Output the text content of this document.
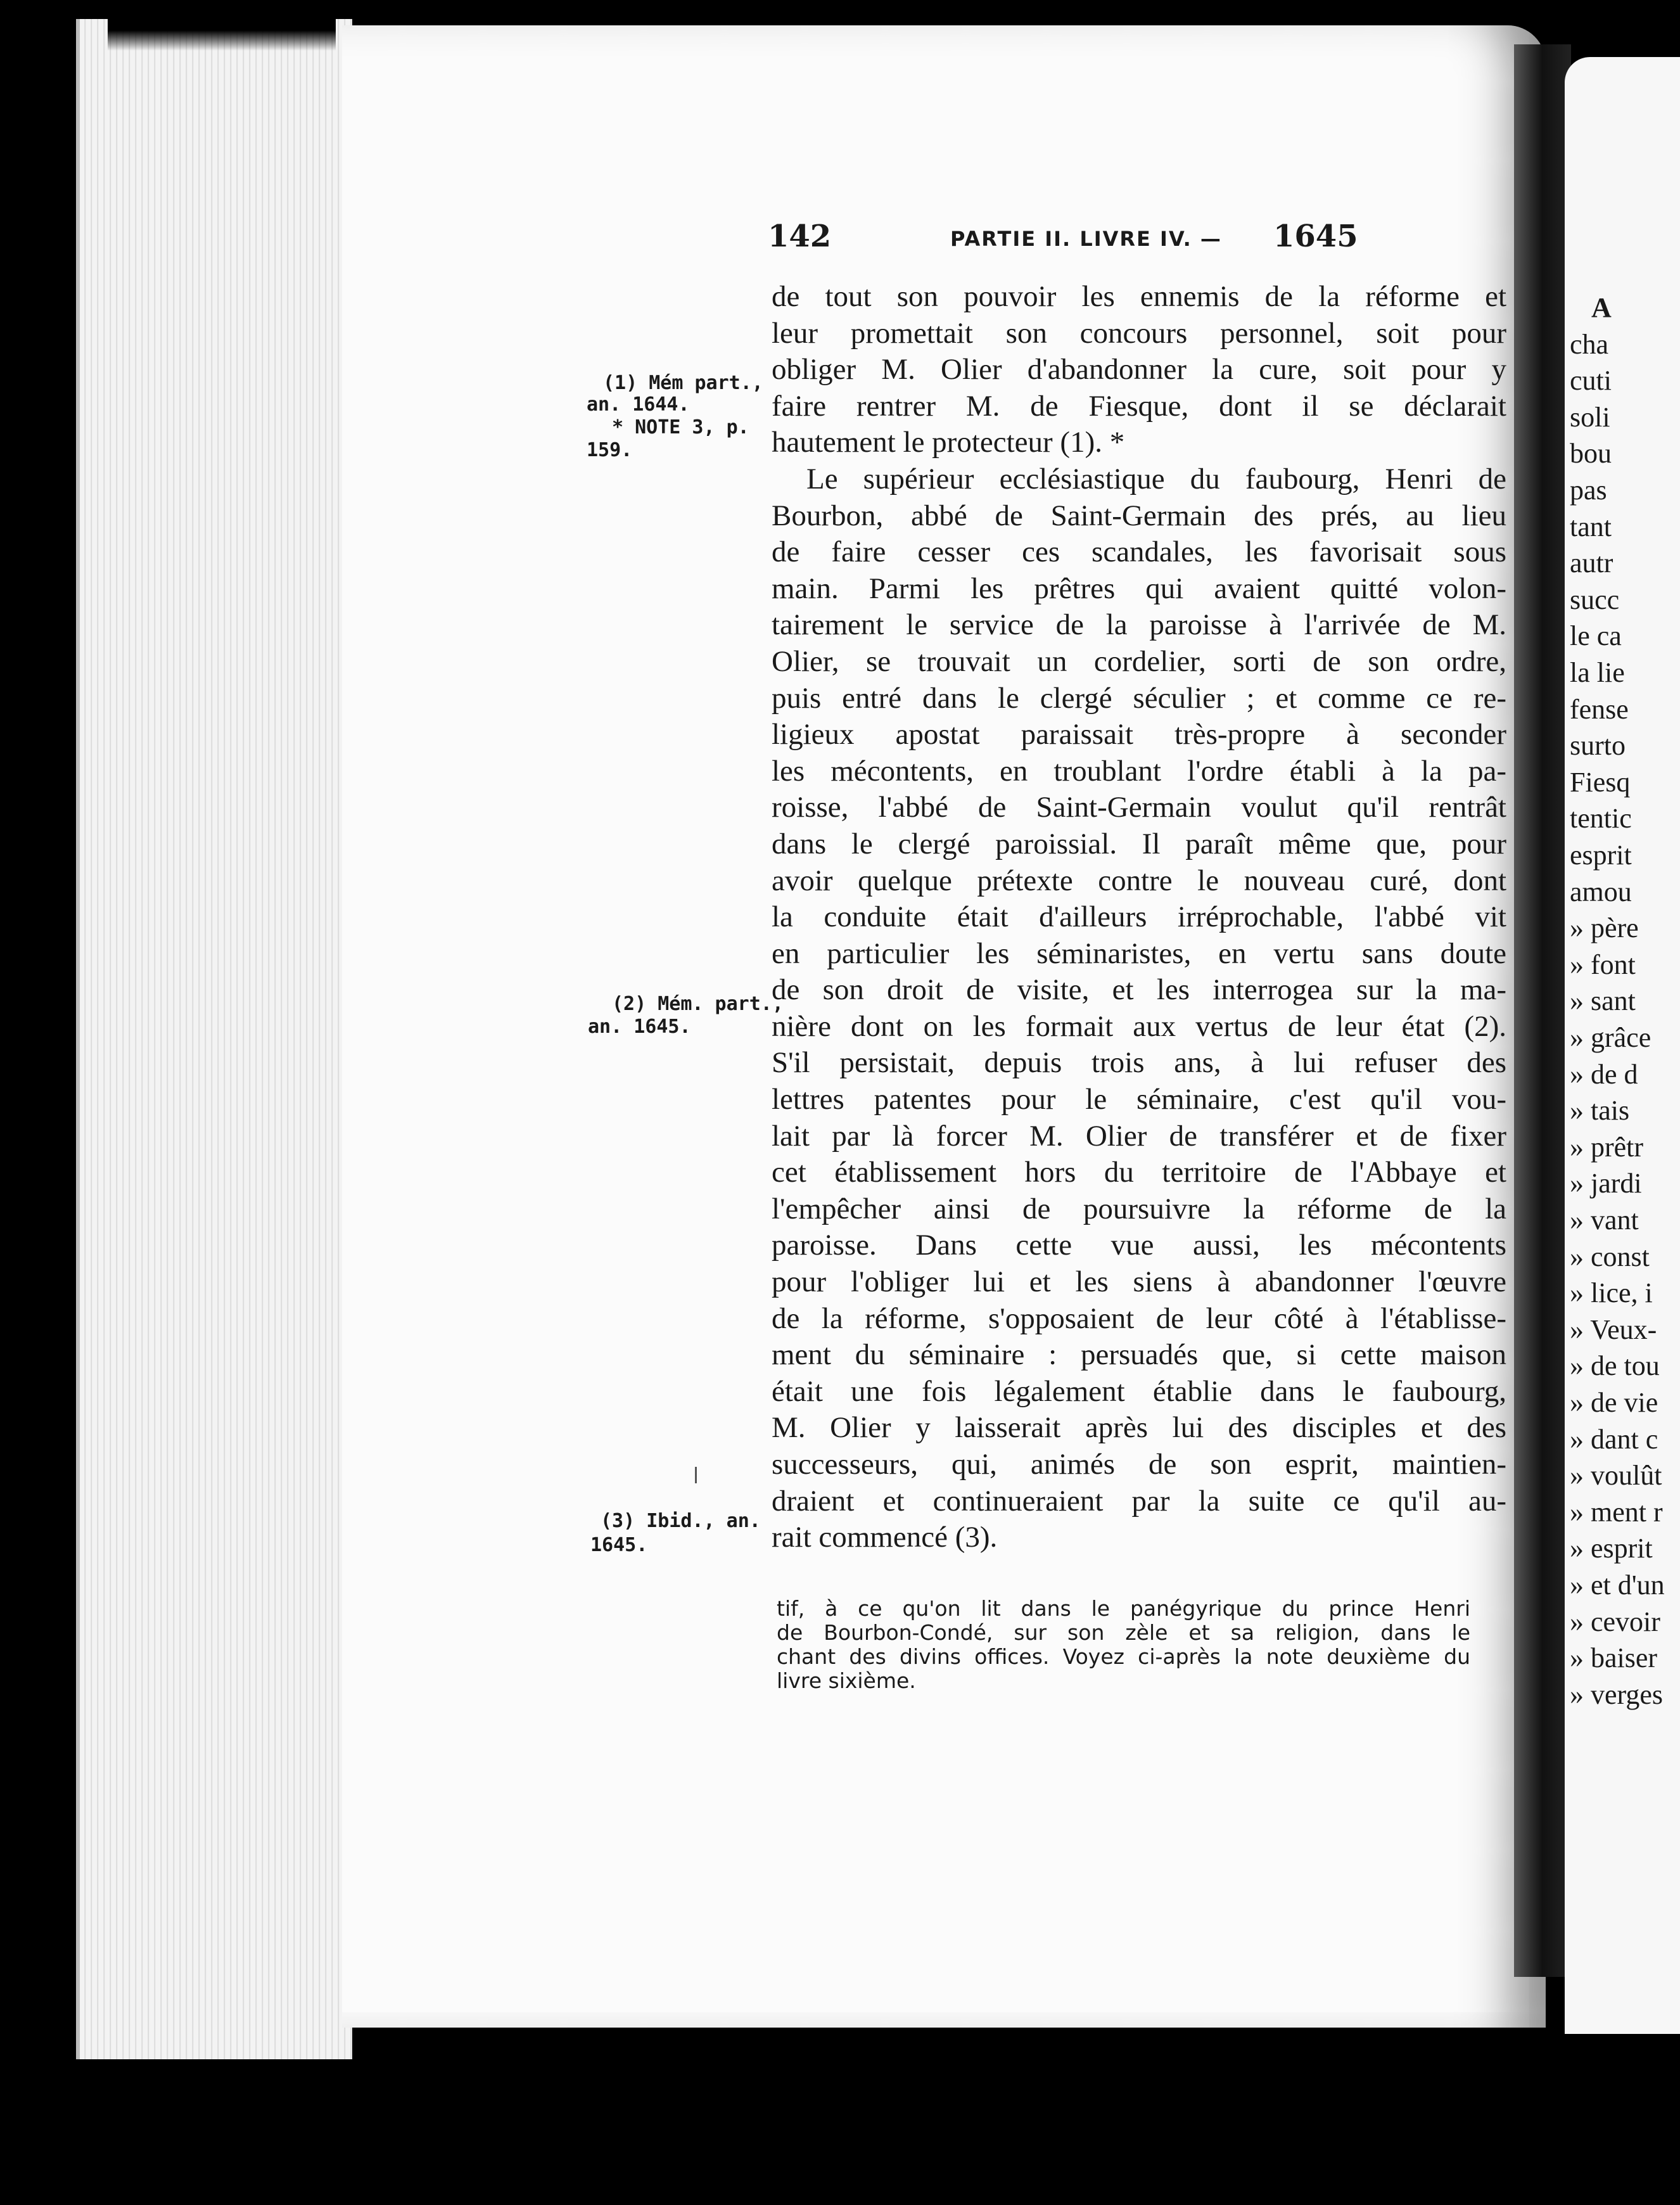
A
cha
cuti
soli
bou
pas
tant
autr
succ
le ca
la lie
fense
surto
Fiesq
tentic
esprit
amou
» père
» font
» sant
» grâce
» de d
» tais
» prêtr
» jardi
» vant
» const
» lice, i
» Veux-
» de tou
» de vie
» dant c
» voulût
» ment r
» esprit
» et d'un
» cevoir
» baiser
» verges
142	PARTIE II. LIVRE IV. — 1645
de tout son pouvoir les ennemis de la réforme et
leur promettait son concours personnel, soit pour
obliger M. Olier d'abandonner la cure, soit pour y
faire rentrer M. de Fiesque, dont il se déclarait
hautement le protecteur (1). *
Le supérieur ecclésiastique du faubourg, Henri de
Bourbon, abbé de Saint-Germain des prés, au lieu
de faire cesser ces scandales, les favorisait sous
main. Parmi les prêtres qui avaient quitté volon-
tairement le service de la paroisse à l'arrivée de M.
Olier, se trouvait un cordelier, sorti de son ordre,
puis entré dans le clergé séculier ; et comme ce re-
ligieux apostat paraissait très-propre à seconder
les mécontents, en troublant l'ordre établi à la pa-
roisse, l'abbé de Saint-Germain voulut qu'il rentrât
dans le clergé paroissial. Il paraît même que, pour
avoir quelque prétexte contre le nouveau curé, dont
la conduite était d'ailleurs irréprochable, l'abbé vit
en particulier les séminaristes, en vertu sans doute
de son droit de visite, et les interrogea sur la ma-
nière dont on les formait aux vertus de leur état (2).
S'il persistait, depuis trois ans, à lui refuser des
lettres patentes pour le séminaire, c'est qu'il vou-
lait par là forcer M. Olier de transférer et de fixer
cet établissement hors du territoire de l'Abbaye et
l'empêcher ainsi de poursuivre la réforme de la
paroisse. Dans cette vue aussi, les mécontents
pour l'obliger lui et les siens à abandonner l'œuvre
de la réforme, s'opposaient de leur côté à l'établisse-
ment du séminaire : persuadés que, si cette maison
était une fois légalement établie dans le faubourg,
M. Olier y laisserait après lui des disciples et des
successeurs, qui, animés de son esprit, maintien-
draient et continueraient par la suite ce qu'il au-
rait commencé (3).
(1) Mém part.,
an. 1644.
* NOTE 3, p.
159.
(2) Mém. part.,
an. 1645.
(3) Ibid., an.
1645.
tif, à ce qu'on lit dans le panégyrique du prince Henri
de Bourbon-Condé, sur son zèle et sa religion, dans le
chant des divins offices. Voyez ci-après la note deuxième du
livre sixième.
